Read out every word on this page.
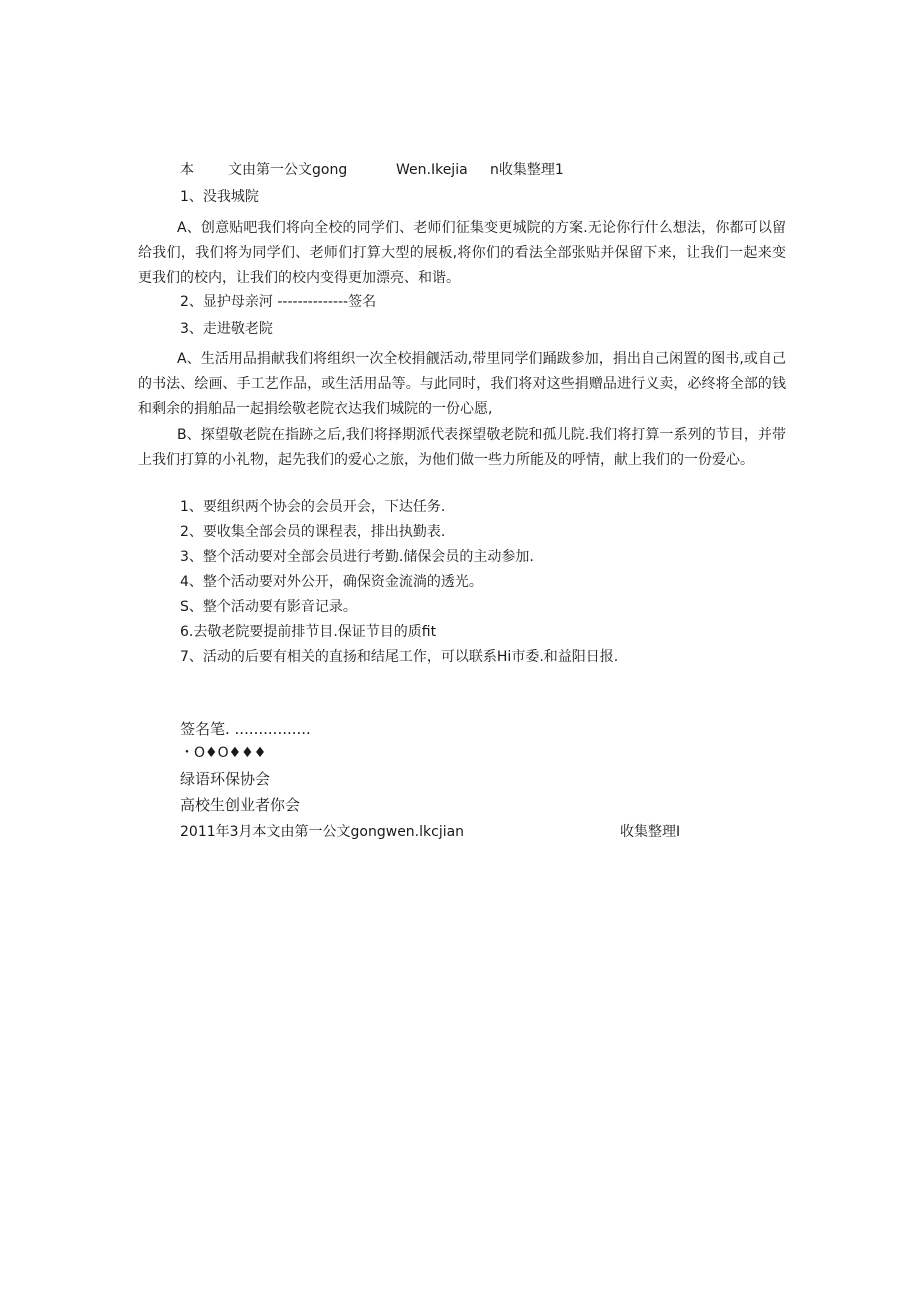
本 文由第一公文gong	Wen.Ikejia n收集整理1
1、没我城院
A、创意贴吧我们将向全校的同学们、老师们征集变更城院的方案.无论你行什么想法，你都可以留给我们，我们将为同学们、老师们打算大型的展板,将你们的看法全部张贴并保留下来，让我们一起来变更我们的校内，让我们的校内变得更加漂亮、和谐。
2、显护母亲河 --------------签名
3、走进敬老院
A、生活用品捐献我们将组织一次全校捐觎活动,带里同学们踊跋参加，捐出自己闲置的图书,或自己的书法、绘画、手工艺作品，或生活用品等。与此同时，我们将对这些捐赠品进行义卖，必终将全部的钱和剩余的捐舶品一起捐绘敬老院衣达我们城院的一份心愿,
B、探望敬老院在指跡之后,我们将择期派代表探望敬老院和孤儿院.我们将打算一系列的节目，并带上我们打算的小礼物，起先我们的爱心之旅，为他们做一些力所能及的呼情，献上我们的一份爱心。
1、要组织两个协会的会员开会，下达任务.
2、要收集全部会员的课程表，排出执勤表.
3、整个活动要对全部会员进行考勤.储保会员的主动参加.
4、整个活动要对外公开，确保资金流淌的透光。
S、整个活动要有影音记录。
6.去敬老院要提前排节目.保证节目的质fit
7、活动的后要有相关的直扬和结尾工作，可以联系Hi市委.和益阳日报.
签名笔. ................
・O♦O♦♦♦
绿语环保协会
高校生创业者你会
2011年3月本文由第一公文gongwen.lkcjian	收集整理I
